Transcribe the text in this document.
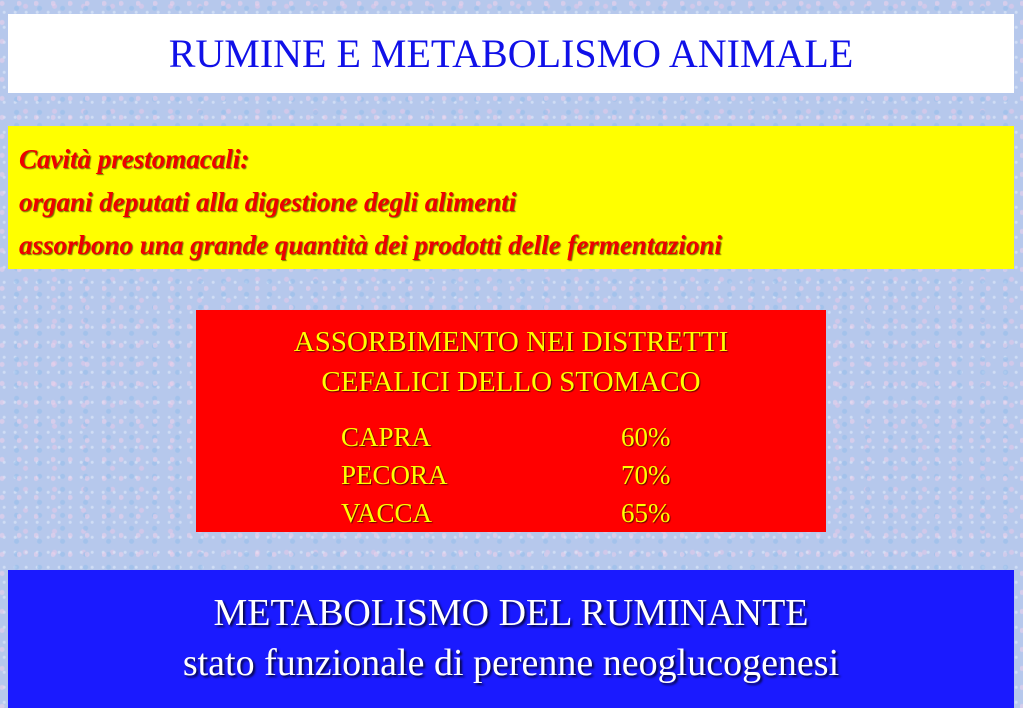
RUMINE E METABOLISMO ANIMALE
Cavità prestomacali:
organi deputati alla digestione degli alimenti
assorbono una grande quantità dei prodotti delle fermentazioni
ASSORBIMENTO NEI DISTRETTI
CEFALICI DELLO STOMACO
CAPRA	60%
PECORA	70%
VACCA	65%
METABOLISMO DEL RUMINANTE
stato funzionale di perenne neoglucogenesi
